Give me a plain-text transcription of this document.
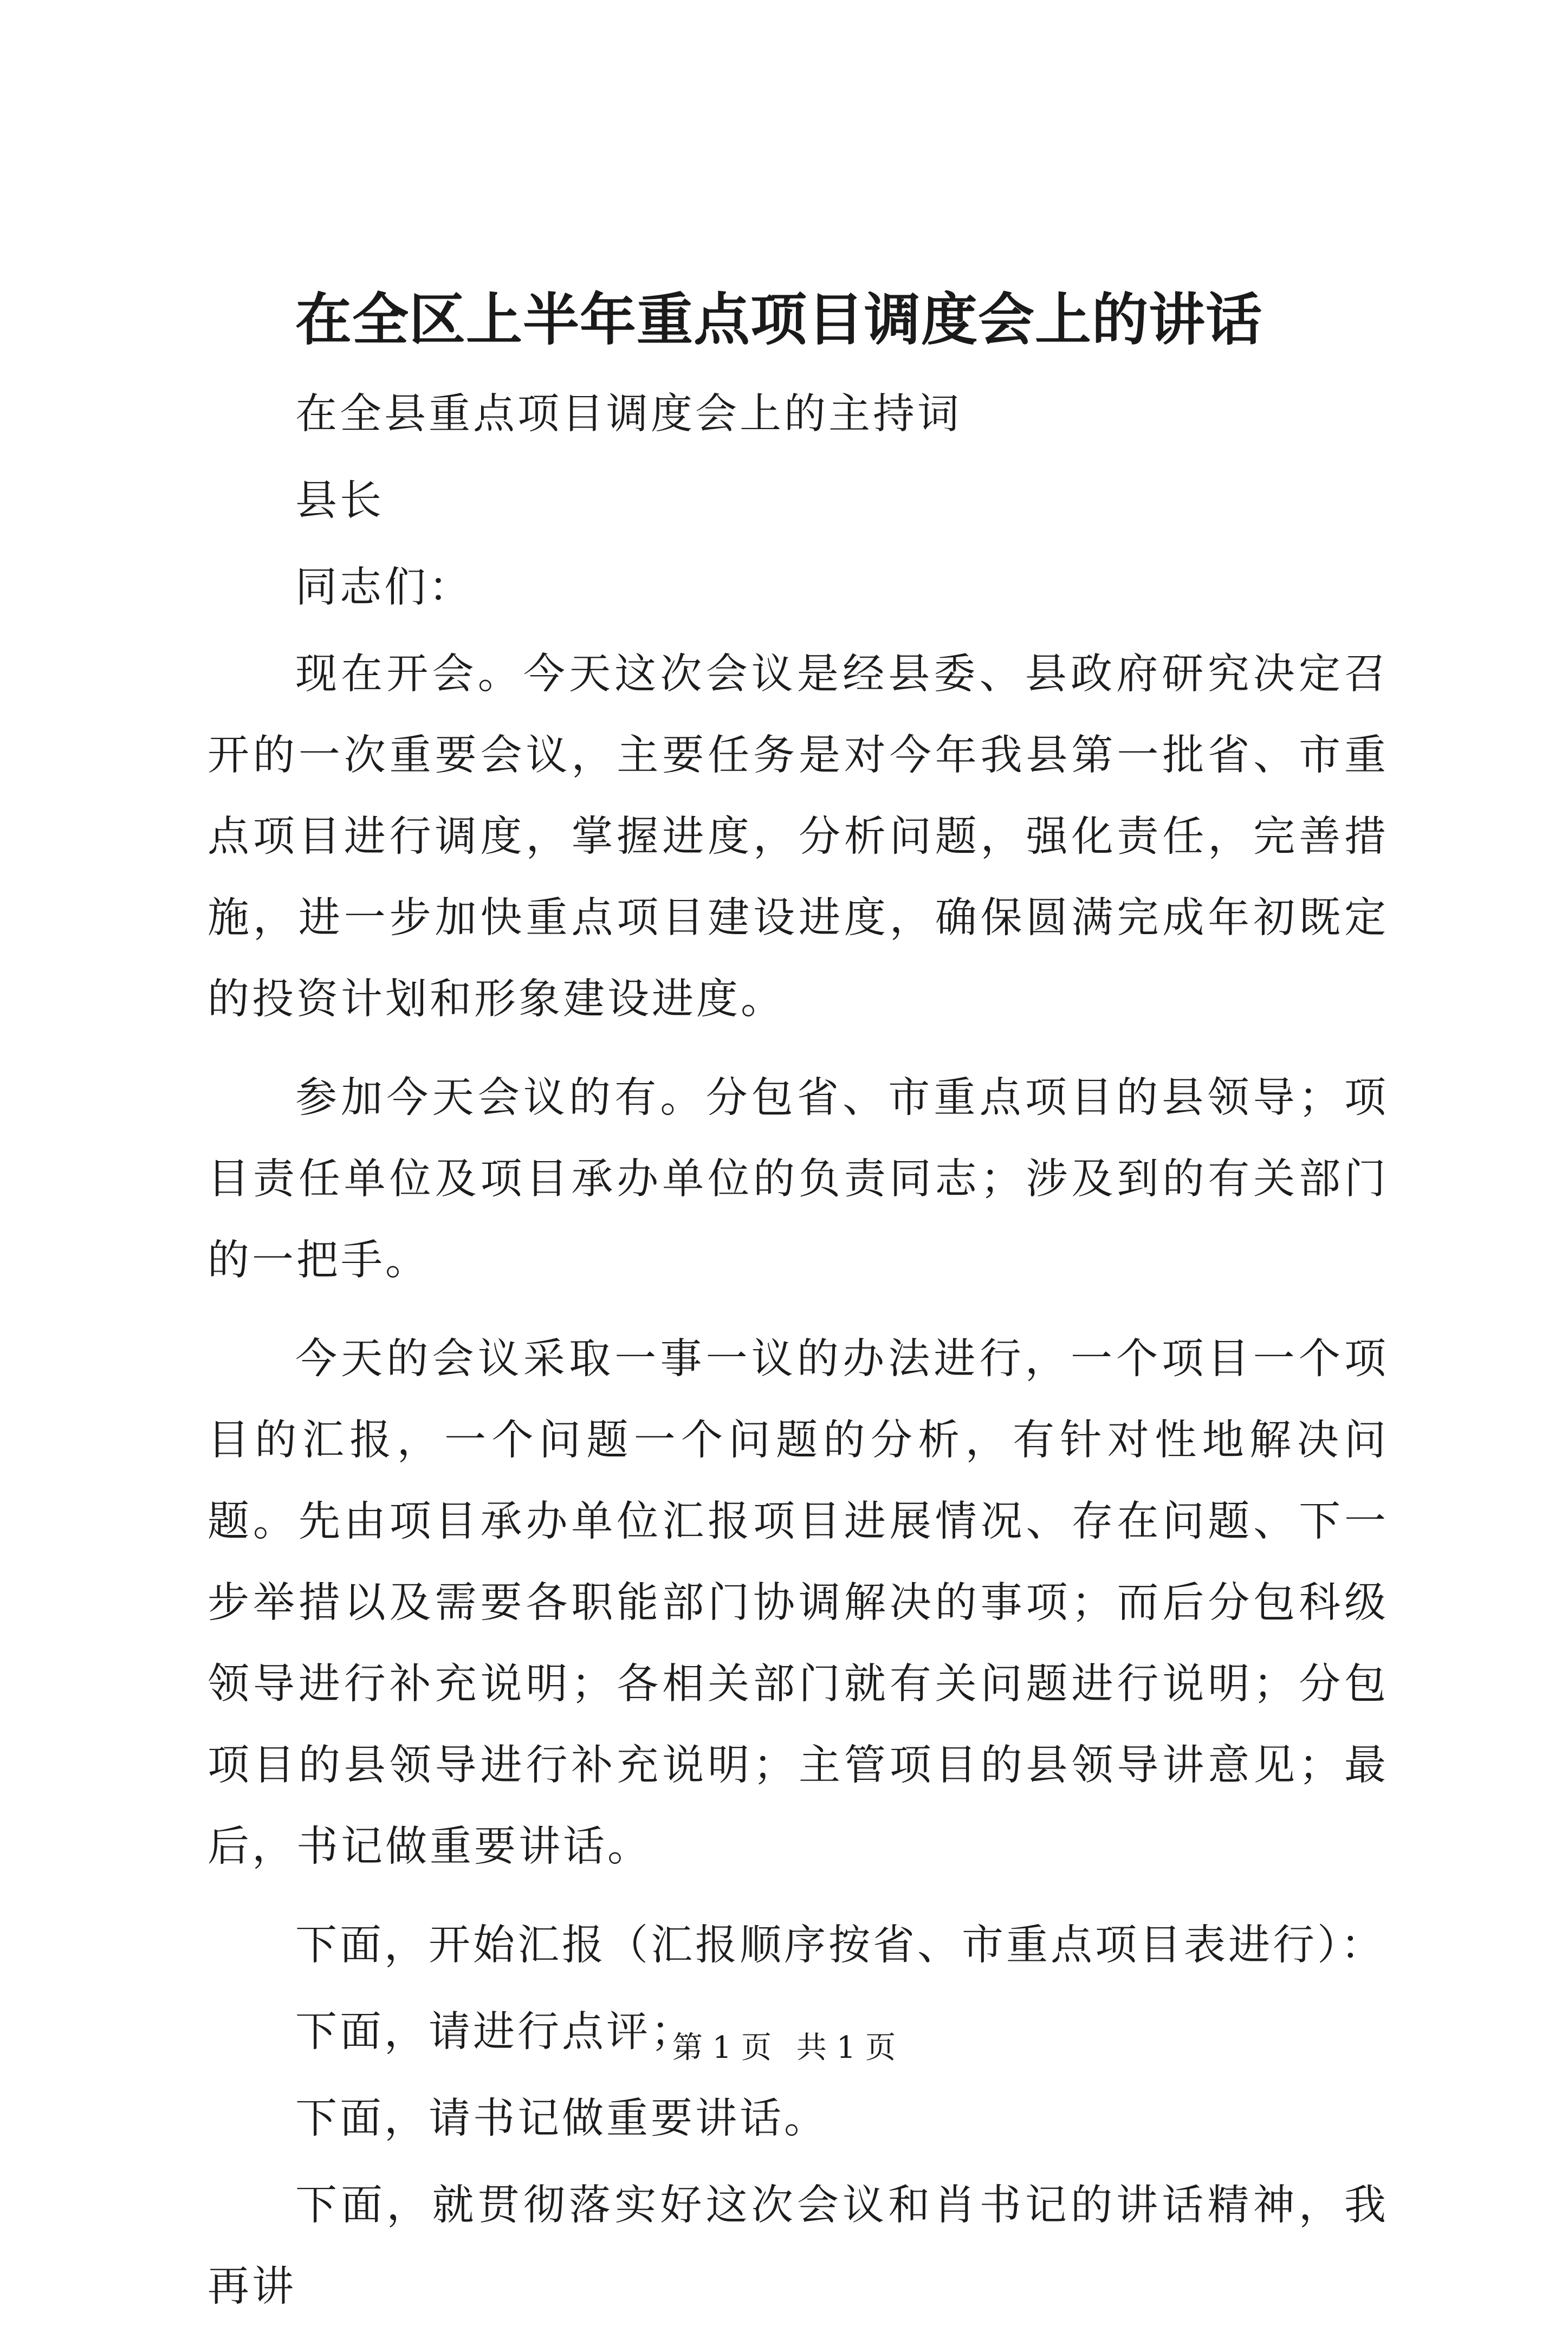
在全区上半年重点项目调度会上的讲话

在全县重点项目调度会上的主持词

县长

同志们：

现在开会。今天这次会议是经县委、县政府研究决定召开的一次重要会议，主要任务是对今年我县第一批省、市重点项目进行调度，掌握进度，分析问题，强化责任，完善措施，进一步加快重点项目建设进度，确保圆满完成年初既定的投资计划和形象建设进度。

参加今天会议的有。分包省、市重点项目的县领导；项目责任单位及项目承办单位的负责同志；涉及到的有关部门的一把手。

今天的会议采取一事一议的办法进行，一个项目一个项目的汇报，一个问题一个问题的分析，有针对性地解决问题。先由项目承办单位汇报项目进展情况、存在问题、下一步举措以及需要各职能部门协调解决的事项；而后分包科级领导进行补充说明；各相关部门就有关问题进行说明；分包项目的县领导进行补充说明；主管项目的县领导讲意见；最后，书记做重要讲话。

下面，开始汇报（汇报顺序按省、市重点项目表进行）：

下面，请进行点评；

下面，请书记做重要讲话。

下面，就贯彻落实好这次会议和肖书记的讲话精神，我再讲

第 1 页 共 1 页
